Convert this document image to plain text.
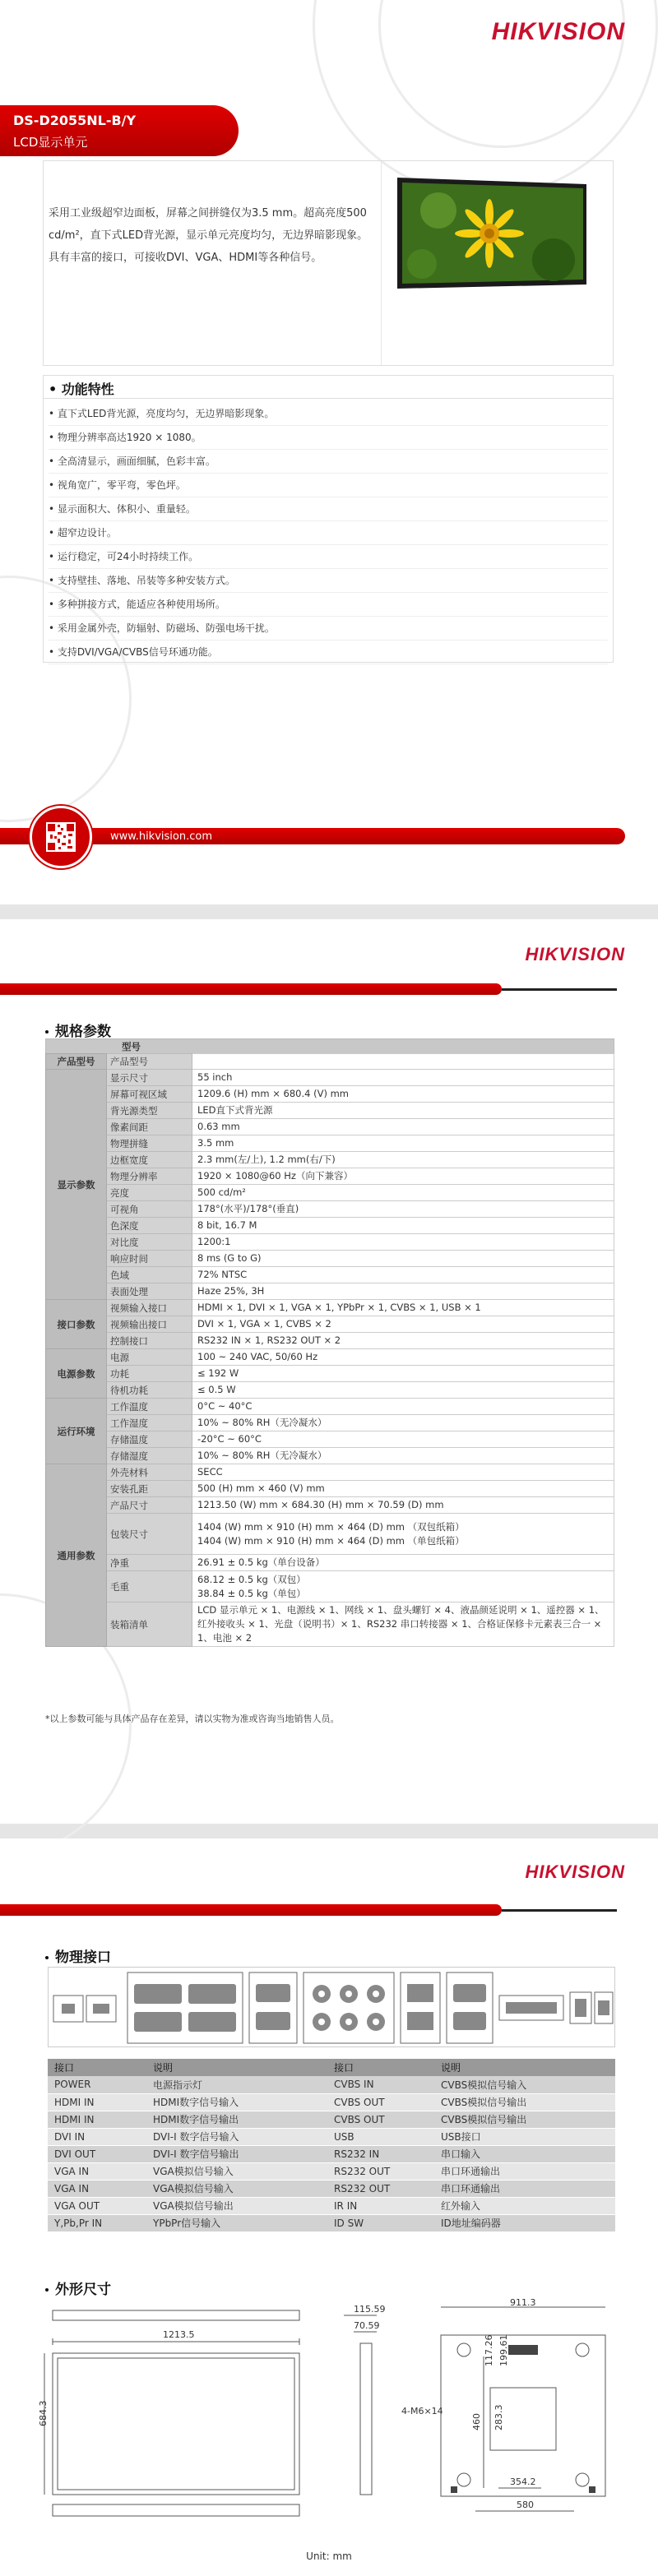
HIKVISION
DS-D2055NL-B/Y
LCD显示单元
采用工业级超窄边面板，屏幕之间拼缝仅为3.5 mm。超高亮度500 cd/m²，直下式LED背光源，显示单元亮度均匀，无边界暗影现象。具有丰富的接口，可接收DVI、VGA、HDMI等各种信号。
• 功能特性
• 直下式LED背光源，亮度均匀，无边界暗影现象。
• 物理分辨率高达1920 × 1080。
• 全高清显示，画面细腻，色彩丰富。
• 视角宽广，零平弯，零色坪。
• 显示面积大、体积小、重量轻。
• 超窄边设计。
• 运行稳定，可24小时持续工作。
• 支持壁挂、落地、吊装等多种安装方式。
• 多种拼接方式，能适应各种使用场所。
• 采用金属外壳，防辐射、防磁场、防强电场干扰。
• 支持DVI/VGA/CVBS信号环通功能。
www.hikvision.com
HIKVISION
规格参数
型号		
产品型号	产品型号	
显示参数	显示尺寸	55 inch
	屏幕可视区域	1209.6 (H) mm × 680.4 (V) mm
	背光源类型	LED直下式背光源
	像素间距	0.63 mm
	物理拼缝	3.5 mm
	边框宽度	2.3 mm(左/上), 1.2 mm(右/下)
	物理分辨率	1920 × 1080@60 Hz（向下兼容）
	亮度	500 cd/m²
	可视角	178°(水平)/178°(垂直)
	色深度	8 bit, 16.7 M
	对比度	1200:1
	响应时间	8 ms (G to G)
	色域	72% NTSC
	表面处理	Haze 25%, 3H
接口参数	视频输入接口	HDMI × 1, DVI × 1, VGA × 1, YPbPr × 1, CVBS × 1, USB × 1
	视频输出接口	DVI × 1, VGA × 1, CVBS × 2
	控制接口	RS232 IN × 1, RS232 OUT × 2
电源参数	电源	100 ~ 240 VAC, 50/60 Hz
	功耗	≤ 192 W
	待机功耗	≤ 0.5 W
运行环境	工作温度	0°C ~ 40°C
	工作湿度	10% ~ 80% RH（无冷凝水）
	存储温度	-20°C ~ 60°C
	存储湿度	10% ~ 80% RH（无冷凝水）
通用参数	外壳材料	SECC
	安装孔距	500 (H) mm × 460 (V) mm
	产品尺寸	1213.50 (W) mm × 684.30 (H) mm × 70.59 (D) mm
	包装尺寸	1404 (W) mm × 910 (H) mm × 464 (D) mm （双包纸箱）
1404 (W) mm × 910 (H) mm × 464 (D) mm （单包纸箱）
	净重	26.91 ± 0.5 kg（单台设备）
	毛重	68.12 ± 0.5 kg（双包）
38.84 ± 0.5 kg（单包）
	装箱清单	LCD 显示单元 × 1、电源线 × 1、网线 × 1、盘头螺钉 × 4、液晶颜延说明 × 1、遥控器 × 1、红外接收头 × 1、光盘（说明书）× 1、RS232 串口转接器 × 1、合格证保修卡元素表三合一 × 1、电池 × 2
*以上参数可能与具体产品存在差异，请以实物为准或咨询当地销售人员。
HIKVISION
物理接口
接口	说明	接口	说明
POWER	电源指示灯	CVBS IN	CVBS模拟信号输入
HDMI IN	HDMI数字信号输入	CVBS OUT	CVBS模拟信号输出
HDMI IN	HDMI数字信号输出	CVBS OUT	CVBS模拟信号输出
DVI IN	DVI-I 数字信号输入	USB	USB接口
DVI OUT	DVI-I 数字信号输出	RS232 IN	串口输入
VGA IN	VGA模拟信号输入	RS232 OUT	串口环通输出
VGA IN	VGA模拟信号输入	RS232 OUT	串口环通输出
VGA OUT	VGA模拟信号输出	IR IN	红外输入
Y,Pb,Pr IN	YPbPr信号输入	ID SW	ID地址编码器
外形尺寸
1213.5
684.3
115.59
70.59
911.3
117.26 199.61
4-M6×14
460 283.3
354.2
580
Unit: mm
